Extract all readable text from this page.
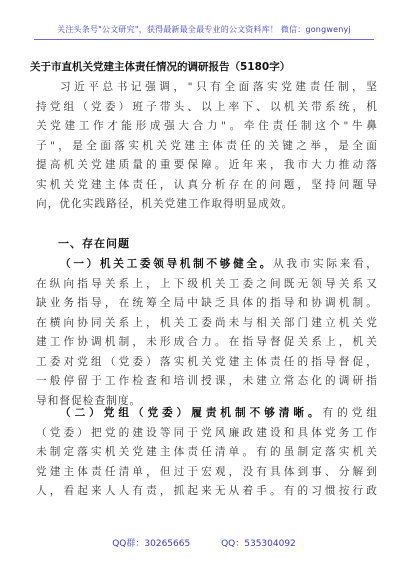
关注头条号"公文研究"，获得最新最全最专业的公文资料库！ 微信：gongwenyj
关于市直机关党建主体责任情况的调研报告（5180字）
习近平总书记强调，"只有全面落实党建责任制，坚
持党组（党委）班子带头、以上率下、以机关带系统，机
关党建工作才能形成强大合力"。牵住责任制这个"牛鼻
子"，是全面落实机关党建主体责任的关键之举，是全面
提高机关党建质量的重要保障。近年来，我市大力推动落
实机关党建主体责任，认真分析存在的问题，坚持问题导
向，优化实践路径，机关党建工作取得明显成效。
一、存在问题
（一）机关工委领导机制不够健全。从我市实际来看，
在纵向指导关系上，上下级机关工委之间既无领导关系又
缺业务指导，在统筹全局中缺乏具体的指导和协调机制。
在横向协同关系上，机关工委尚未与相关部门建立机关党
建工作协调机制，未形成合力。在指导督促关系上，机关
工委对党组（党委）落实机关党建主体责任的指导督促，
一般停留于工作检查和培训授课，未建立常态化的调研指
导和督促检查制度。
（二）党组（党委）履责机制不够清晰。有的党组
（党委）把党的建设等同于党风廉政建设和具体党务工作
未制定落实机关党建主体责任清单。有的虽制定落实机关
党建主体责任清单，但过于宏观，没有具体到事、分解到
人，看起来人人有责，抓起来无从着手。有的习惯按行政
QQ群：30265665	QQ：535304092
